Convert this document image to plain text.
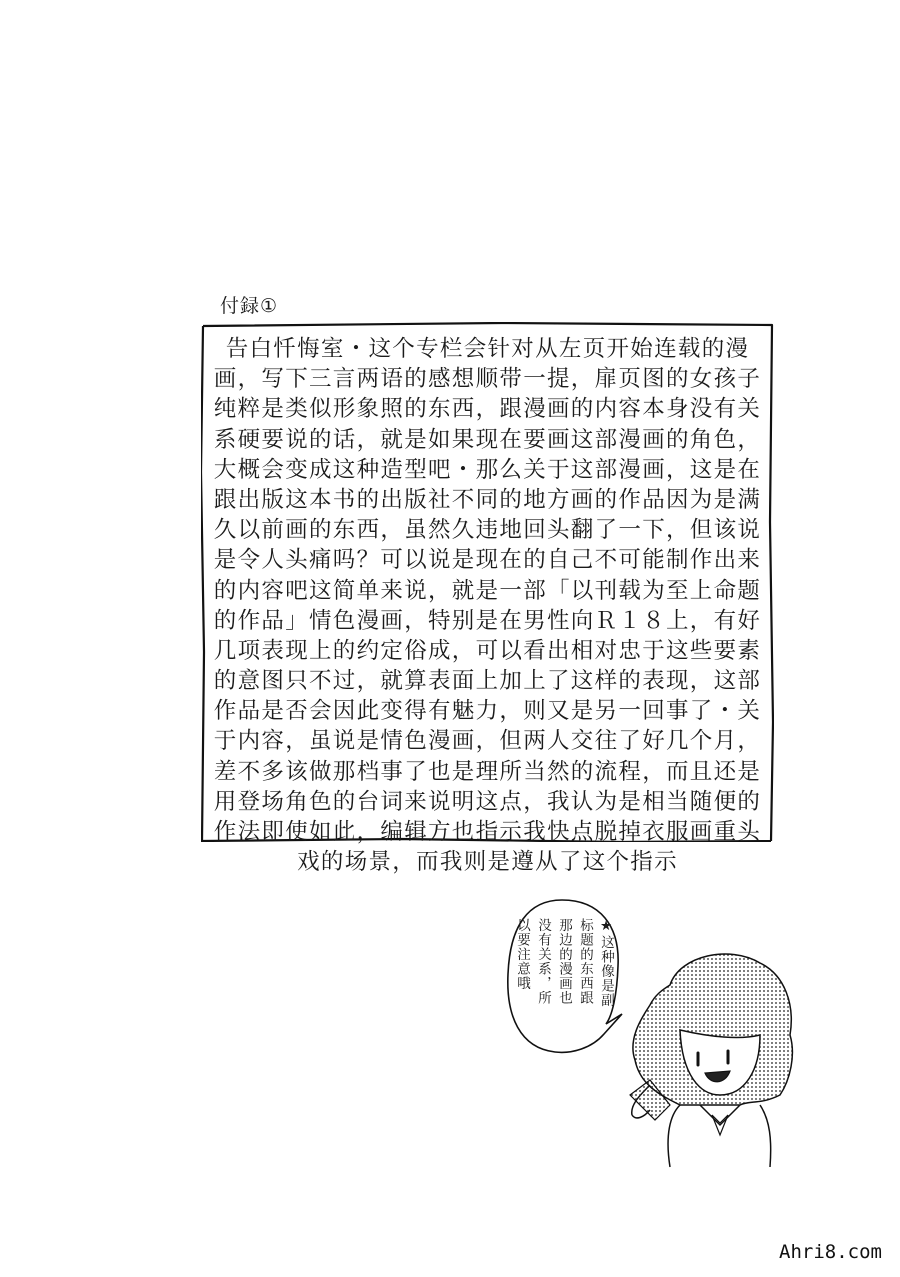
付録①
告白忏悔室・这个专栏会针对从左页开始连载的漫
画，写下三言两语的感想顺带一提，扉页图的女孩子
纯粹是类似形象照的东西，跟漫画的内容本身没有关
系硬要说的话，就是如果现在要画这部漫画的角色，
大概会变成这种造型吧・那么关于这部漫画，这是在
跟出版这本书的出版社不同的地方画的作品因为是满
久以前画的东西，虽然久违地回头翻了一下，但该说
是令人头痛吗？可以说是现在的自己不可能制作出来
的内容吧这简单来说，就是一部「以刊载为至上命题
的作品」情色漫画，特别是在男性向Ｒ１８上，有好
几项表现上的约定俗成，可以看出相对忠于这些要素
的意图只不过，就算表面上加上了这样的表现，这部
作品是否会因此变得有魅力，则又是另一回事了・关
于内容，虽说是情色漫画，但两人交往了好几个月，
差不多该做那档事了也是理所当然的流程，而且还是
用登场角色的台词来说明这点，我认为是相当随便的
作法即使如此，编辑方也指示我快点脱掉衣服画重头
戏的场景，而我则是遵从了这个指示
★这种像是副
标题的东西跟
那边的漫画也
没有关系，所
以要注意哦
Ahri8.com
